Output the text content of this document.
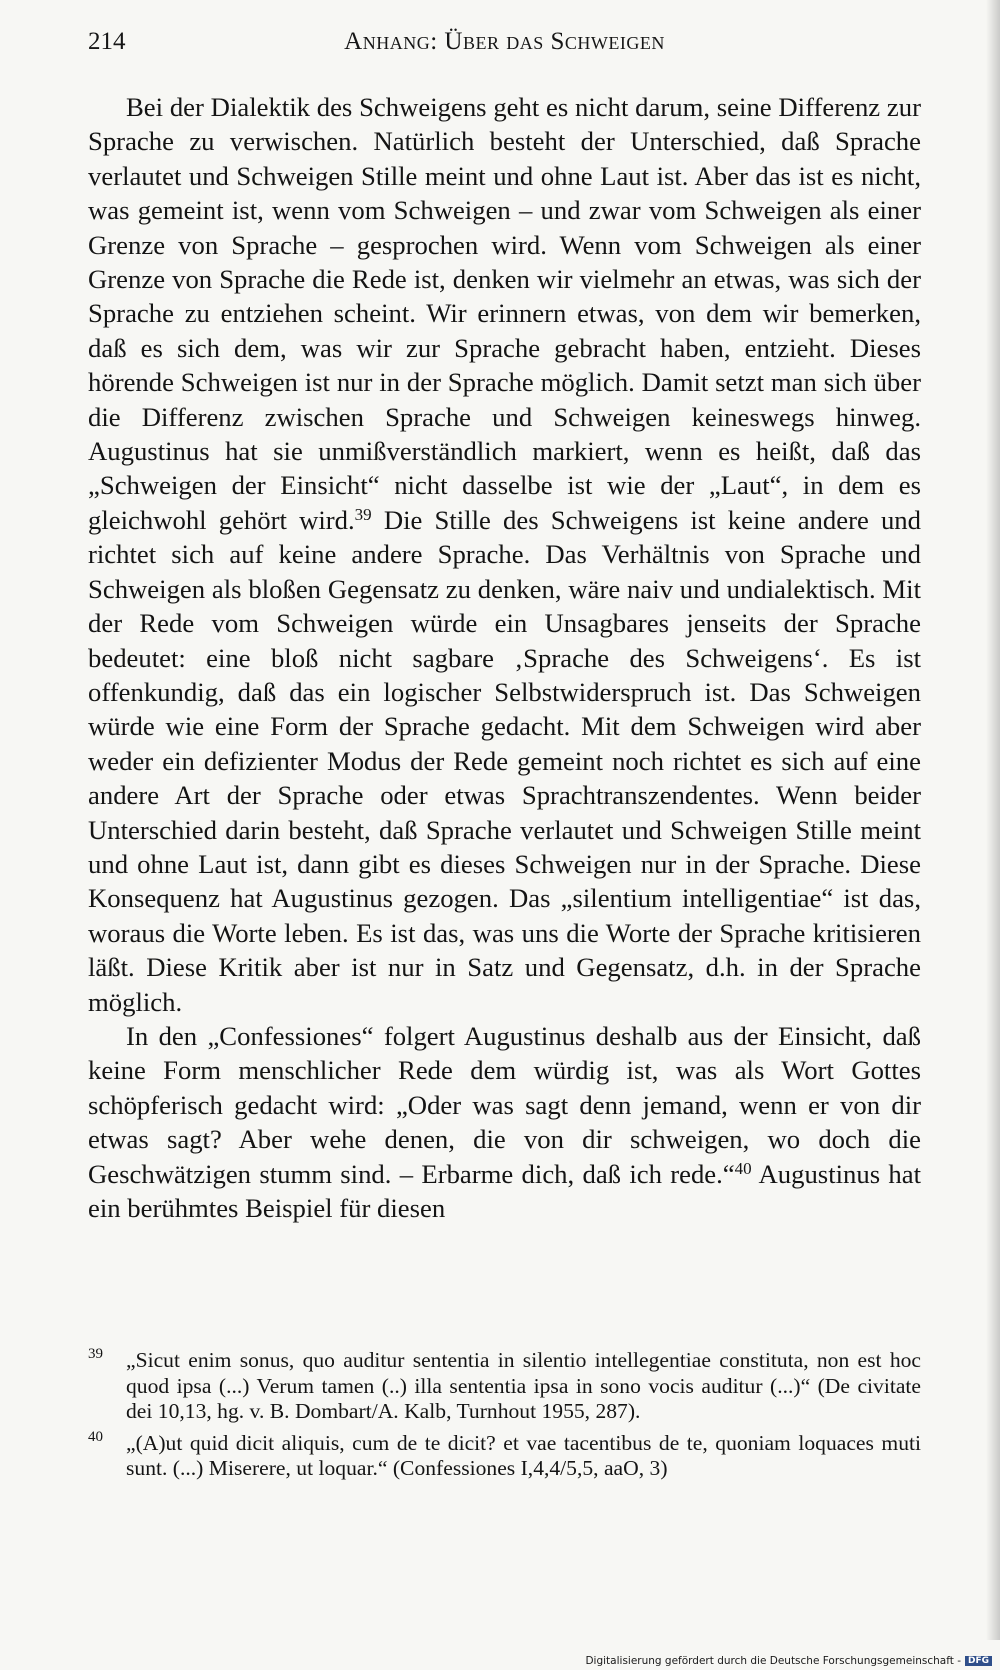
214	Anhang: Über das Schweigen

Bei der Dialektik des Schweigens geht es nicht darum, seine Differenz zur Sprache zu verwischen. Natürlich besteht der Unterschied, daß Sprache verlautet und Schweigen Stille meint und ohne Laut ist. Aber das ist es nicht, was gemeint ist, wenn vom Schweigen – und zwar vom Schweigen als einer Grenze von Sprache – gesprochen wird. Wenn vom Schweigen als einer Grenze von Sprache die Rede ist, denken wir vielmehr an etwas, was sich der Sprache zu entziehen scheint. Wir erinnern etwas, von dem wir bemerken, daß es sich dem, was wir zur Sprache gebracht haben, entzieht. Dieses hörende Schweigen ist nur in der Sprache möglich. Damit setzt man sich über die Differenz zwischen Sprache und Schweigen keineswegs hinweg. Augustinus hat sie unmißverständlich markiert, wenn es heißt, daß das „Schweigen der Einsicht“ nicht dasselbe ist wie der „Laut“, in dem es gleichwohl gehört wird.$^{39}$ Die Stille des Schweigens ist keine andere und richtet sich auf keine andere Sprache. Das Verhältnis von Sprache und Schweigen als bloßen Gegensatz zu denken, wäre naiv und undialektisch. Mit der Rede vom Schweigen würde ein Unsagbares jenseits der Sprache bedeutet: eine bloß nicht sagbare ‚Sprache des Schweigens‘. Es ist offenkundig, daß das ein logischer Selbstwiderspruch ist. Das Schweigen würde wie eine Form der Sprache gedacht. Mit dem Schweigen wird aber weder ein defizienter Modus der Rede gemeint noch richtet es sich auf eine andere Art der Sprache oder etwas Sprachtranszendentes. Wenn beider Unterschied darin besteht, daß Sprache verlautet und Schweigen Stille meint und ohne Laut ist, dann gibt es dieses Schweigen nur in der Sprache. Diese Konsequenz hat Augustinus gezogen. Das „silentium intelligentiae“ ist das, woraus die Worte leben. Es ist das, was uns die Worte der Sprache kritisieren läßt. Diese Kritik aber ist nur in Satz und Gegensatz, d.h. in der Sprache möglich.

In den „Confessiones“ folgert Augustinus deshalb aus der Einsicht, daß keine Form menschlicher Rede dem würdig ist, was als Wort Gottes schöpferisch gedacht wird: „Oder was sagt denn jemand, wenn er von dir etwas sagt? Aber wehe denen, die von dir schweigen, wo doch die Geschwätzigen stumm sind. – Erbarme dich, daß ich rede.“$^{40}$ Augustinus hat ein berühmtes Beispiel für diesen

39 „Sicut enim sonus, quo auditur sententia in silentio intellegentiae constituta, non est hoc quod ipsa (...) Verum tamen (..) illa sententia ipsa in sono vocis auditur (...)“ (De civitate dei 10,13, hg. v. B. Dombart/A. Kalb, Turnhout 1955, 287).
40 „(A)ut quid dicit aliquis, cum de te dicit? et vae tacentibus de te, quoniam loquaces muti sunt. (...) Miserere, ut loquar.“ (Confessiones I,4,4/5,5, aaO, 3)
Digitalisierung gefördert durch die Deutsche Forschungsgemeinschaft - DFG
